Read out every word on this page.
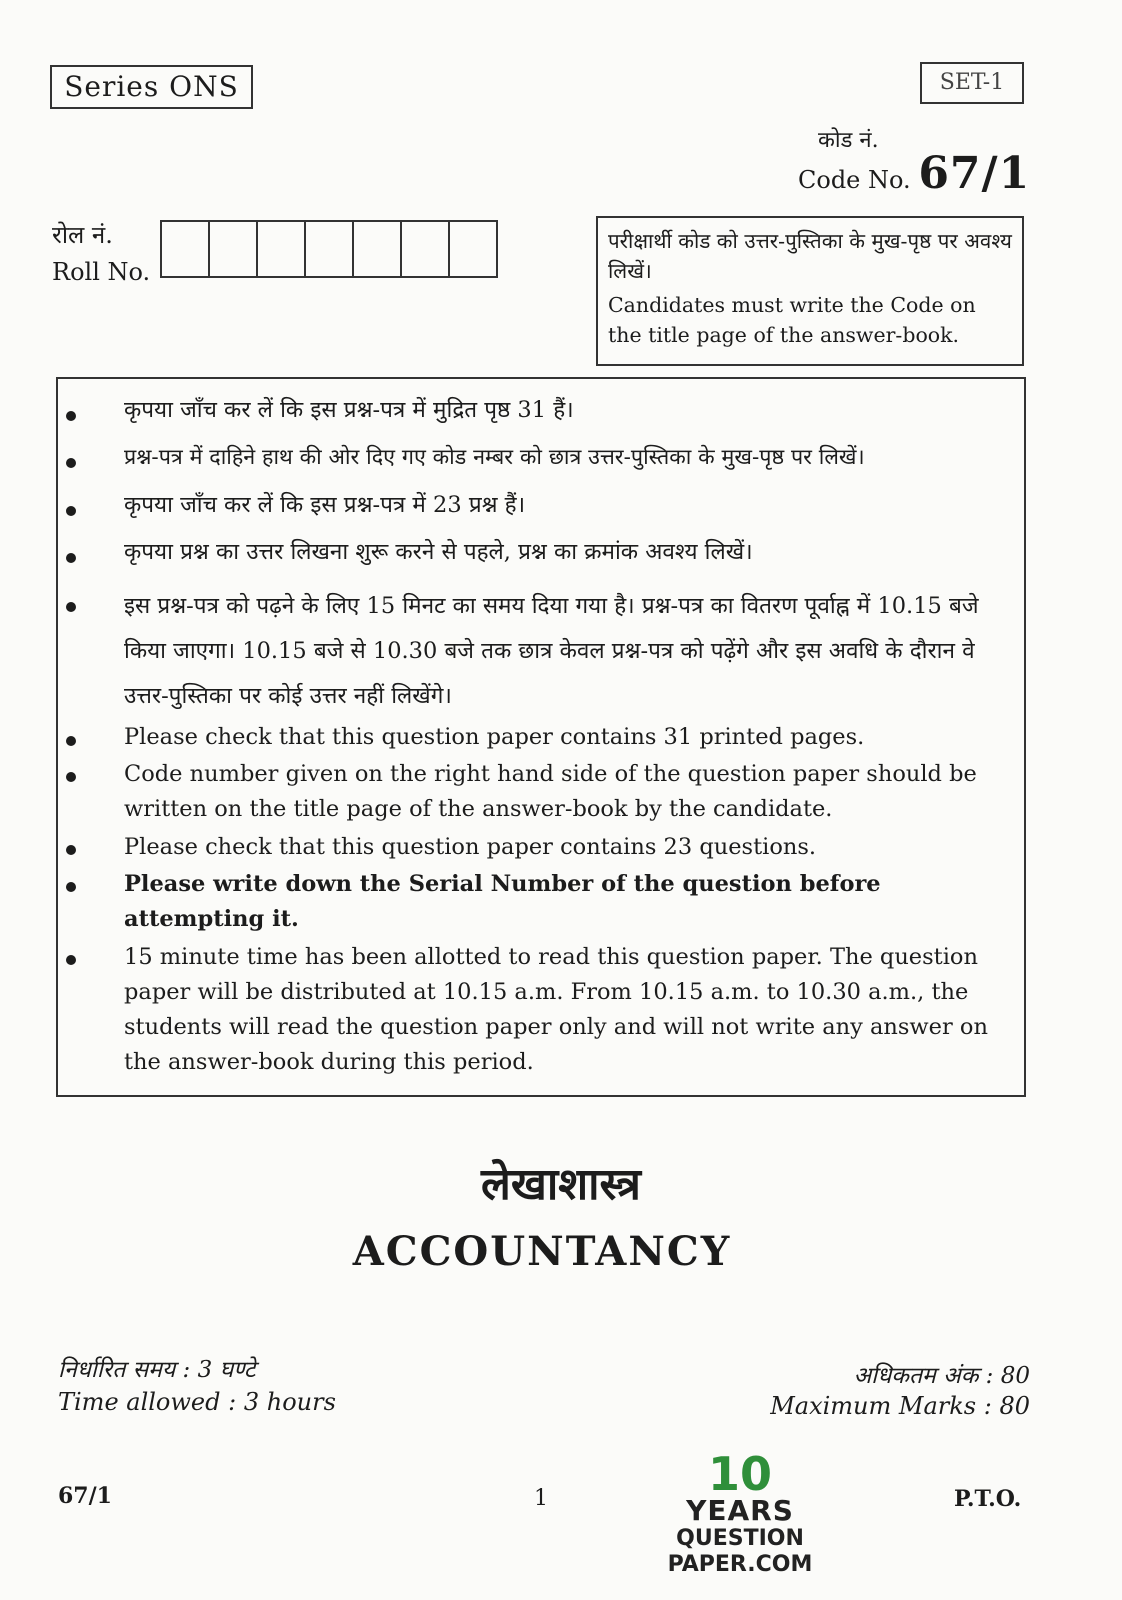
Series ONS	SET-1
कोड नं.
Code No. 67/1
रोल नं.
Roll No.
परीक्षार्थी कोड को उत्तर-पुस्तिका के मुख-पृष्ठ पर अवश्य लिखें।
Candidates must write the Code on the title page of the answer-book.
कृपया जाँच कर लें कि इस प्रश्न-पत्र में मुद्रित पृष्ठ 31 हैं।
प्रश्न-पत्र में दाहिने हाथ की ओर दिए गए कोड नम्बर को छात्र उत्तर-पुस्तिका के मुख-पृष्ठ पर लिखें।
कृपया जाँच कर लें कि इस प्रश्न-पत्र में 23 प्रश्न हैं।
कृपया प्रश्न का उत्तर लिखना शुरू करने से पहले, प्रश्न का क्रमांक अवश्य लिखें।
इस प्रश्न-पत्र को पढ़ने के लिए 15 मिनट का समय दिया गया है। प्रश्न-पत्र का वितरण पूर्वाह्न में 10.15 बजे किया जाएगा। 10.15 बजे से 10.30 बजे तक छात्र केवल प्रश्न-पत्र को पढ़ेंगे और इस अवधि के दौरान वे उत्तर-पुस्तिका पर कोई उत्तर नहीं लिखेंगे।
Please check that this question paper contains 31 printed pages.
Code number given on the right hand side of the question paper should be written on the title page of the answer-book by the candidate.
Please check that this question paper contains 23 questions.
Please write down the Serial Number of the question before attempting it.
15 minute time has been allotted to read this question paper. The question paper will be distributed at 10.15 a.m. From 10.15 a.m. to 10.30 a.m., the students will read the question paper only and will not write any answer on the answer-book during this period.
लेखाशास्त्र
ACCOUNTANCY
निर्धारित समय : 3 घण्टे
Time allowed : 3 hours
अधिकतम अंक : 80
Maximum Marks : 80
67/1	1	P.T.O.
10
YEARS
QUESTION PAPER.COM
